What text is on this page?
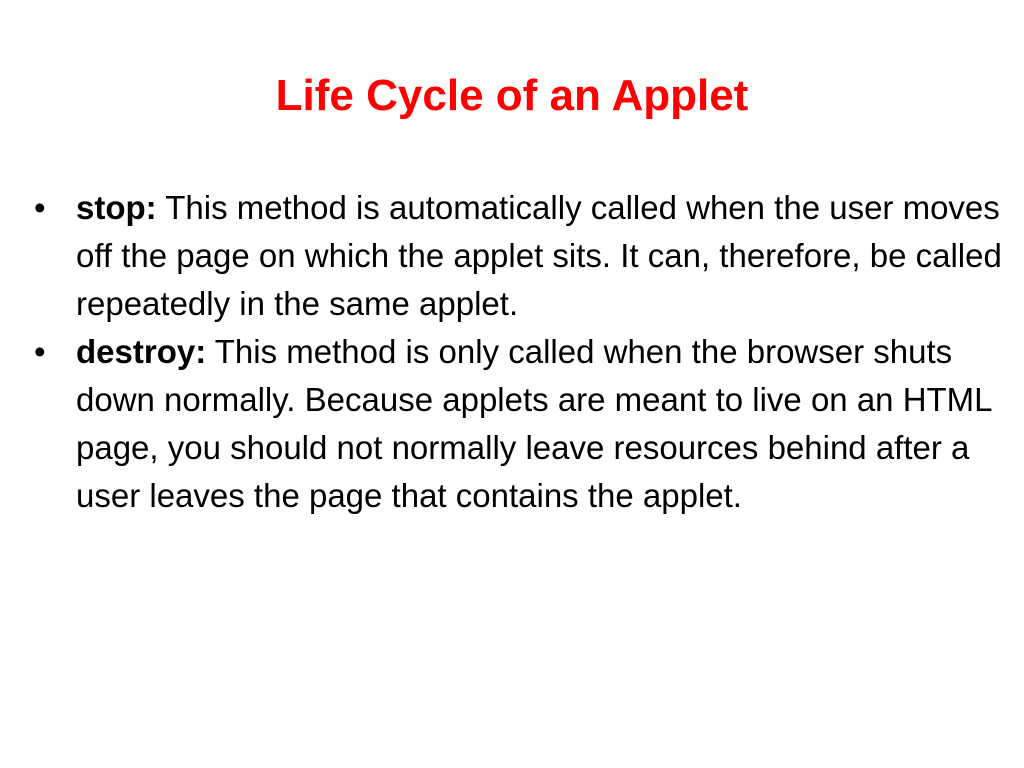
Life Cycle of an Applet

• stop: This method is automatically called when the user moves off the page on which the applet sits. It can, therefore, be called repeatedly in the same applet.

• destroy: This method is only called when the browser shuts down normally. Because applets are meant to live on an HTML page, you should not normally leave resources behind after a user leaves the page that contains the applet.
